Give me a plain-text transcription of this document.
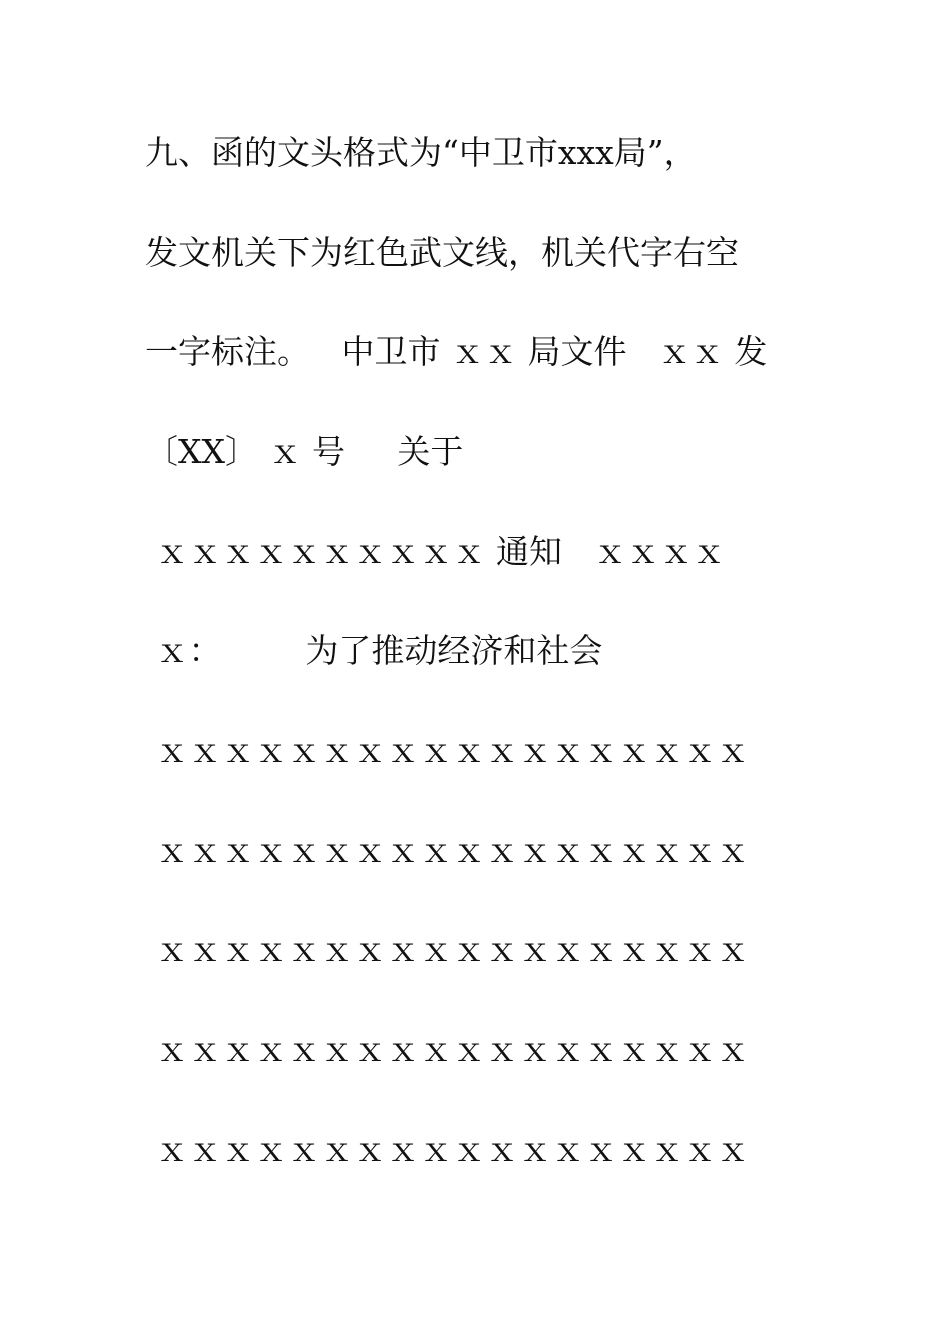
九、函的文头格式为“中卫市xxx局”，
发文机关下为红色武文线，机关代字右空
一字标注。   中卫市 ｘｘ 局文件   ｘｘ 发
〔XX〕 ｘ 号     关于
ｘｘｘｘｘｘｘｘｘｘ 通知   ｘｘｘｘ
ｘ：        为了推动经济和社会
ｘｘｘｘｘｘｘｘｘｘｘｘｘｘｘｘｘｘ
ｘｘｘｘｘｘｘｘｘｘｘｘｘｘｘｘｘｘ
ｘｘｘｘｘｘｘｘｘｘｘｘｘｘｘｘｘｘ
ｘｘｘｘｘｘｘｘｘｘｘｘｘｘｘｘｘｘ
ｘｘｘｘｘｘｘｘｘｘｘｘｘｘｘｘｘｘ
